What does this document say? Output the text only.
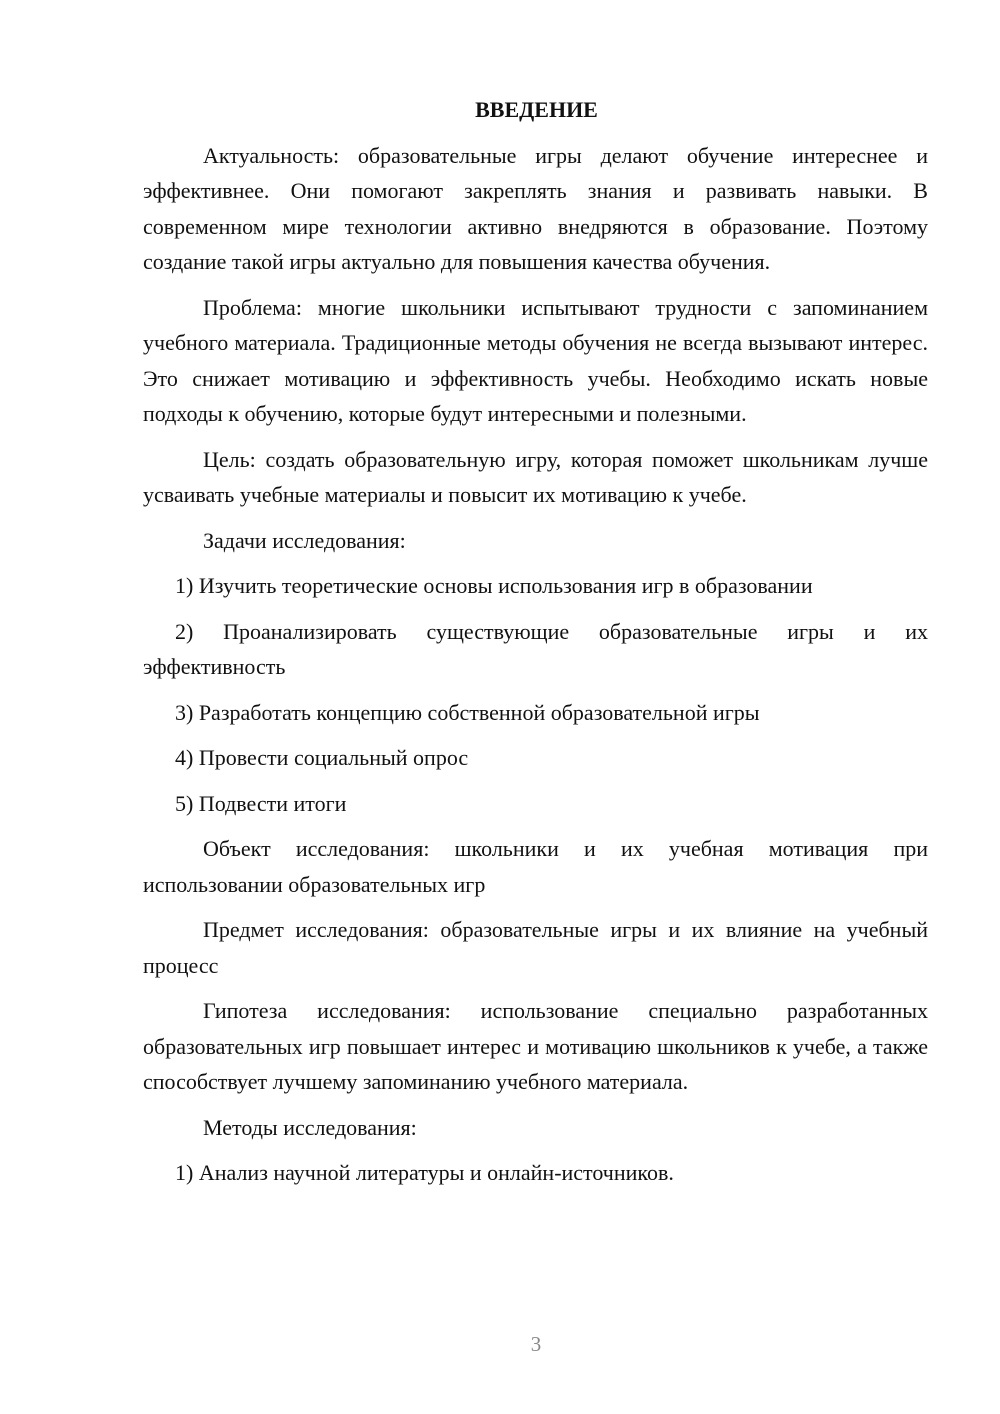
ВВЕДЕНИЕ

Актуальность: образовательные игры делают обучение интереснее и эффективнее. Они помогают закреплять знания и развивать навыки. В современном мире технологии активно внедряются в образование. Поэтому создание такой игры актуально для повышения качества обучения.

Проблема: многие школьники испытывают трудности с запоминанием учебного материала. Традиционные методы обучения не всегда вызывают интерес. Это снижает мотивацию и эффективность учебы. Необходимо искать новые подходы к обучению, которые будут интересными и полезными.

Цель: создать образовательную игру, которая поможет школьникам лучше усваивать учебные материалы и повысит их мотивацию к учебе.

Задачи исследования:

1) Изучить теоретические основы использования игр в образовании

2) Проанализировать существующие образовательные игры и их эффективность

3) Разработать концепцию собственной образовательной игры

4) Провести социальный опрос

5) Подвести итоги

Объект исследования: школьники и их учебная мотивация при использовании образовательных игр

Предмет исследования: образовательные игры и их влияние на учебный процесс

Гипотеза исследования: использование специально разработанных образовательных игр повышает интерес и мотивацию школьников к учебе, а также способствует лучшему запоминанию учебного материала.

Методы исследования:

1) Анализ научной литературы и онлайн-источников.

3
